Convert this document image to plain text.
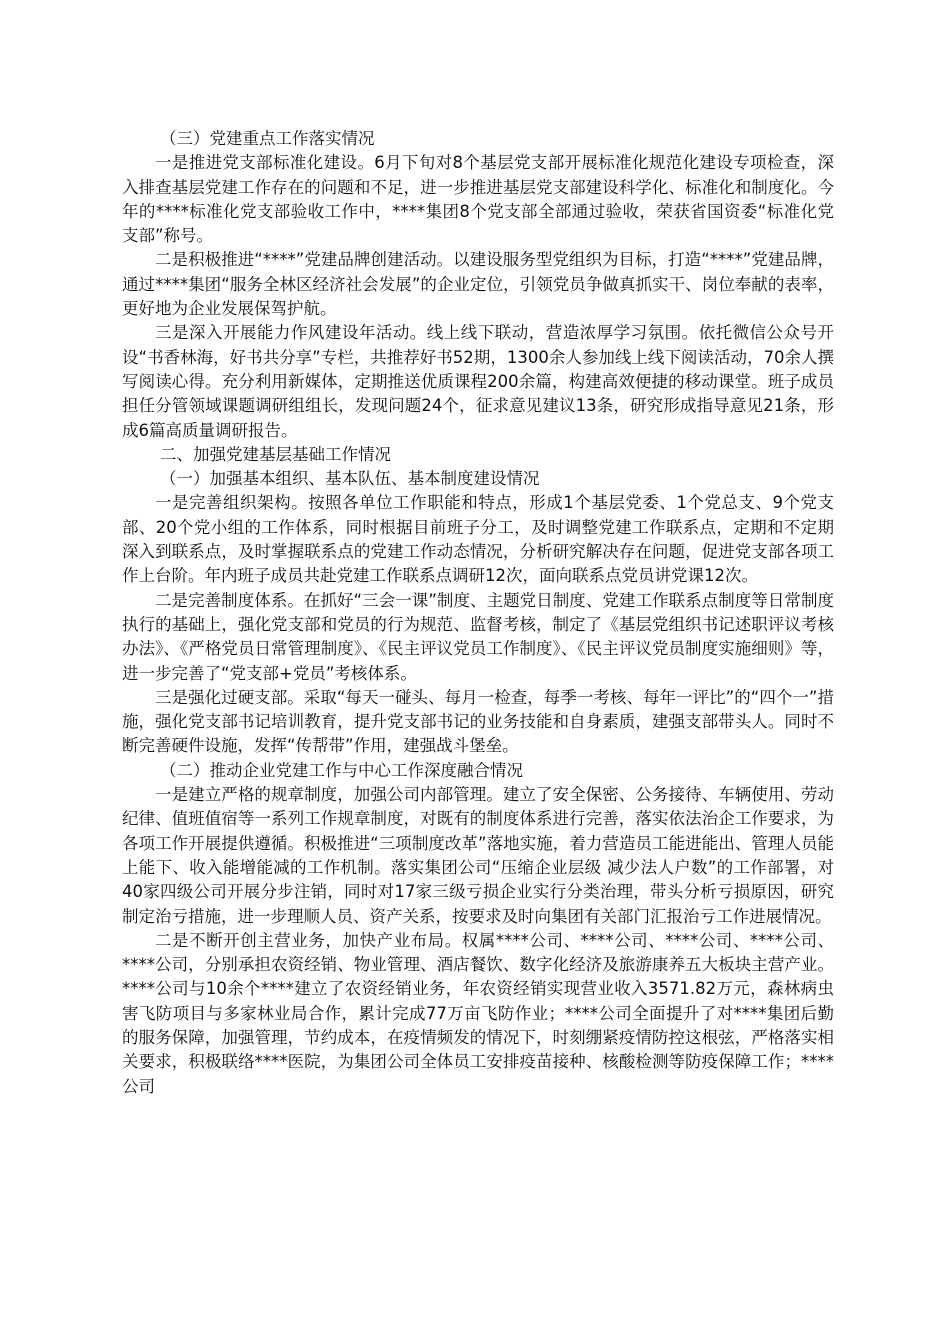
（三）党建重点工作落实情况

一是推进党支部标准化建设。6月下旬对8个基层党支部开展标准化规范化建设专项检查，深入排查基层党建工作存在的问题和不足，进一步推进基层党支部建设科学化、标准化和制度化。今年的****标准化党支部验收工作中，****集团8个党支部全部通过验收，荣获省国资委“标准化党支部”称号。

二是积极推进“****”党建品牌创建活动。以建设服务型党组织为目标，打造“****”党建品牌，通过****集团“服务全林区经济社会发展”的企业定位，引领党员争做真抓实干、岗位奉献的表率，更好地为企业发展保驾护航。

三是深入开展能力作风建设年活动。线上线下联动，营造浓厚学习氛围。依托微信公众号开设“书香林海，好书共分享”专栏，共推荐好书52期，1300余人参加线上线下阅读活动，70余人撰写阅读心得。充分利用新媒体，定期推送优质课程200余篇，构建高效便捷的移动课堂。班子成员担任分管领域课题调研组组长，发现问题24个，征求意见建议13条，研究形成指导意见21条，形成6篇高质量调研报告。

二、加强党建基层基础工作情况

（一）加强基本组织、基本队伍、基本制度建设情况

一是完善组织架构。按照各单位工作职能和特点，形成1个基层党委、1个党总支、9个党支部、20个党小组的工作体系，同时根据目前班子分工，及时调整党建工作联系点，定期和不定期深入到联系点，及时掌握联系点的党建工作动态情况，分析研究解决存在问题，促进党支部各项工作上台阶。年内班子成员共赴党建工作联系点调研12次，面向联系点党员讲党课12次。

二是完善制度体系。在抓好“三会一课”制度、主题党日制度、党建工作联系点制度等日常制度执行的基础上，强化党支部和党员的行为规范、监督考核，制定了《基层党组织书记述职评议考核办法》、《严格党员日常管理制度》、《民主评议党员工作制度》、《民主评议党员制度实施细则》等，进一步完善了“党支部+党员”考核体系。

三是强化过硬支部。采取“每天一碰头、每月一检查，每季一考核、每年一评比”的“四个一”措施，强化党支部书记培训教育，提升党支部书记的业务技能和自身素质，建强支部带头人。同时不断完善硬件设施，发挥“传帮带”作用，建强战斗堡垒。

（二）推动企业党建工作与中心工作深度融合情况

一是建立严格的规章制度，加强公司内部管理。建立了安全保密、公务接待、车辆使用、劳动纪律、值班值宿等一系列工作规章制度，对既有的制度体系进行完善，落实依法治企工作要求，为各项工作开展提供遵循。积极推进“三项制度改革”落地实施，着力营造员工能进能出、管理人员能上能下、收入能增能减的工作机制。落实集团公司“压缩企业层级 减少法人户数”的工作部署，对40家四级公司开展分步注销，同时对17家三级亏损企业实行分类治理，带头分析亏损原因，研究制定治亏措施，进一步理顺人员、资产关系，按要求及时向集团有关部门汇报治亏工作进展情况。

二是不断开创主营业务，加快产业布局。权属****公司、****公司、****公司、****公司、****公司，分别承担农资经销、物业管理、酒店餐饮、数字化经济及旅游康养五大板块主营产业。****公司与10余个****建立了农资经销业务，年农资经销实现营业收入3571.82万元，森林病虫害飞防项目与多家林业局合作，累计完成77万亩飞防作业；****公司全面提升了对****集团后勤的服务保障，加强管理，节约成本，在疫情频发的情况下，时刻绷紧疫情防控这根弦，严格落实相关要求，积极联络****医院，为集团公司全体员工安排疫苗接种、核酸检测等防疫保障工作；****公司
